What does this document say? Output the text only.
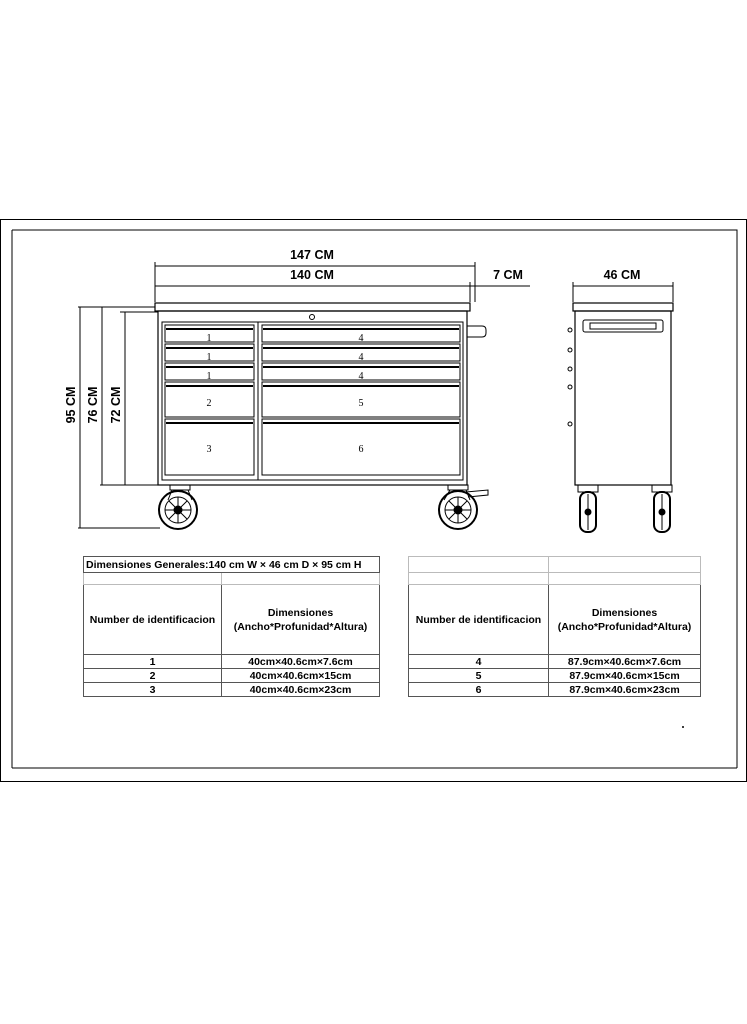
147 CM
140 CM	7 CM
95 CM 76 CM 72 CM
1
1
1
2
3
4
4
4
5
6
46 CM
Dimensiones Generales:140 cm W × 46 cm D × 95 cm H	

Number de identificacion	Dimensiones
(Ancho*Profunidad*Altura)
1	40cm×40.6cm×7.6cm
2	40cm×40.6cm×15cm
3	40cm×40.6cm×23cm

Number de identificacion	Dimensiones
(Ancho*Profunidad*Altura)
4	87.9cm×40.6cm×7.6cm
5	87.9cm×40.6cm×15cm
6	87.9cm×40.6cm×23cm
